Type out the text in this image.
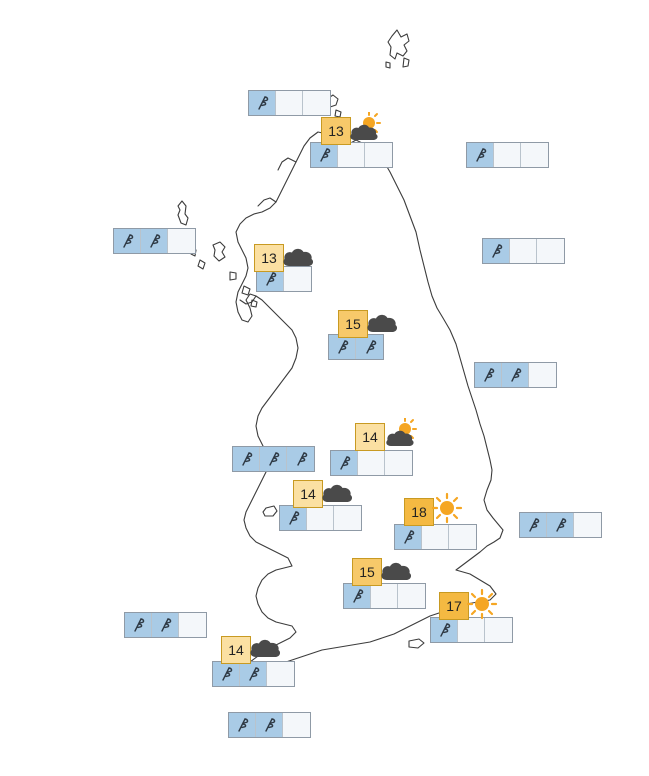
13
13
15
14
14
18
15
17
14
